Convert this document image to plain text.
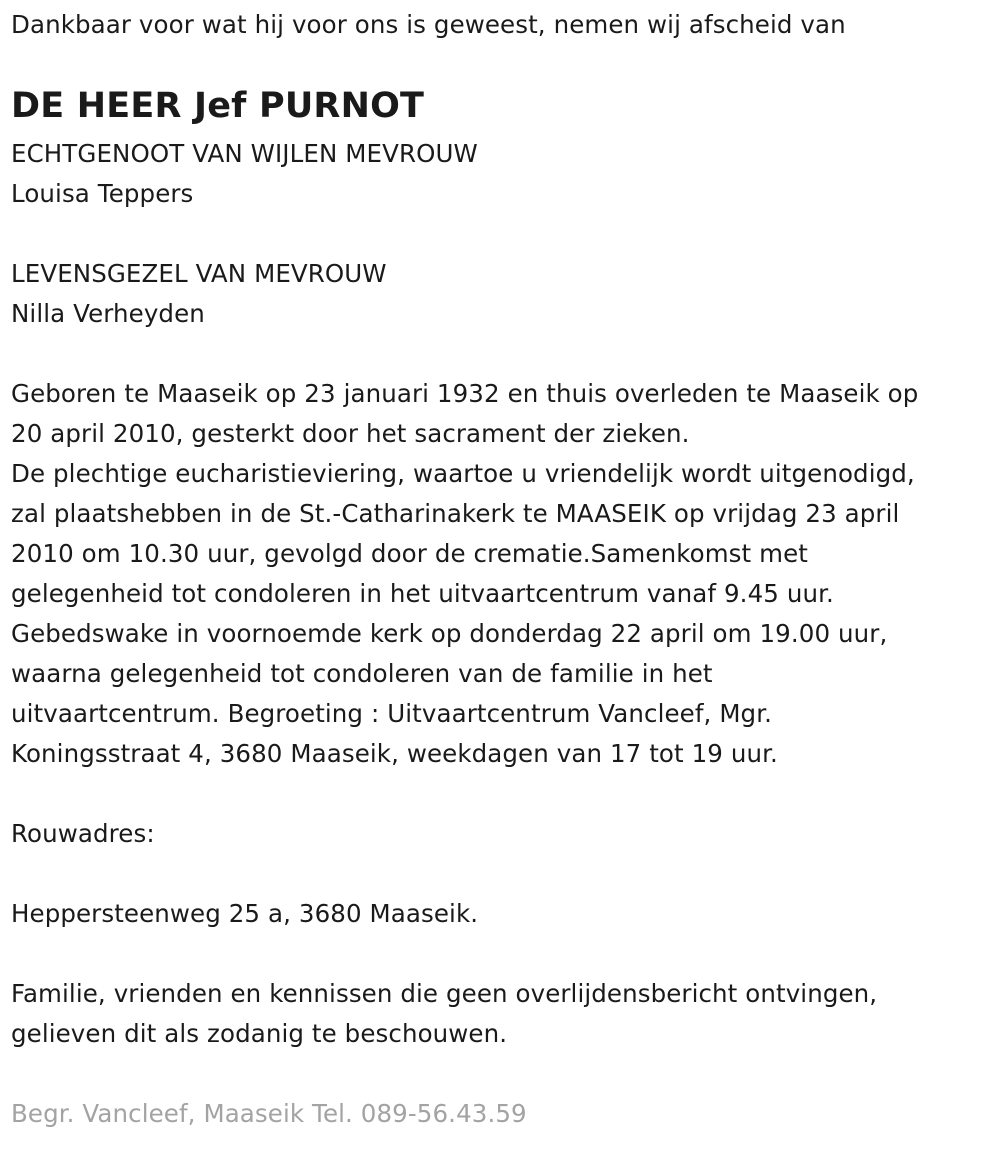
Dankbaar voor wat hij voor ons is geweest, nemen wij afscheid van
DE HEER Jef PURNOT
ECHTGENOOT VAN WIJLEN MEVROUW
Louisa Teppers
LEVENSGEZEL VAN MEVROUW
Nilla Verheyden
Geboren te Maaseik op 23 januari 1932 en thuis overleden te Maaseik op
20 april 2010, gesterkt door het sacrament der zieken.
De plechtige eucharistieviering, waartoe u vriendelijk wordt uitgenodigd,
zal plaatshebben in de St.-Catharinakerk te MAASEIK op vrijdag 23 april
2010 om 10.30 uur, gevolgd door de crematie.Samenkomst met
gelegenheid tot condoleren in het uitvaartcentrum vanaf 9.45 uur.
Gebedswake in voornoemde kerk op donderdag 22 april om 19.00 uur,
waarna gelegenheid tot condoleren van de familie in het
uitvaartcentrum. Begroeting : Uitvaartcentrum Vancleef, Mgr.
Koningsstraat 4, 3680 Maaseik, weekdagen van 17 tot 19 uur.
Rouwadres:
Heppersteenweg 25 a, 3680 Maaseik.
Familie, vrienden en kennissen die geen overlijdensbericht ontvingen,
gelieven dit als zodanig te beschouwen.
Begr. Vancleef, Maaseik Tel. 089-56.43.59
